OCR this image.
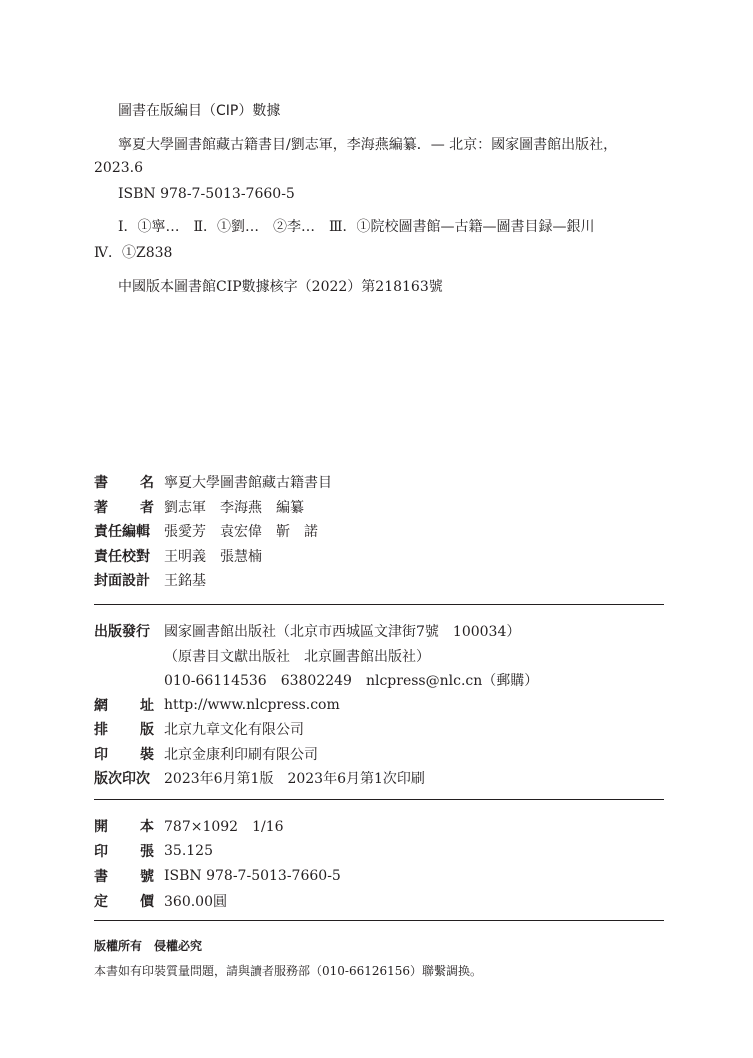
圖書在版編目（CIP）數據
寧夏大學圖書館藏古籍書目/劉志軍，李海燕編纂．— 北京：國家圖書館出版社，
2023.6
ISBN 978-7-5013-7660-5
Ⅰ．①寧…　Ⅱ．①劉…　②李…　Ⅲ．①院校圖書館—古籍—圖書目録—銀川
Ⅳ．①Z838
中國版本圖書館CIP數據核字（2022）第218163號
書 名 寧夏大學圖書館藏古籍書目
著 者 劉志軍　李海燕　編纂
責任編輯	張愛芳　袁宏偉　靳　諾
責任校對	王明義　張慧楠
封面設計	王銘基
出版發行	國家圖書館出版社（北京市西城區文津街7號　100034）
（原書目文獻出版社　北京圖書館出版社）
010-66114536　63802249　nlcpress@nlc.cn（郵購）
網 址 http://www.nlcpress.com
排 版 北京九章文化有限公司
印 裝 北京金康利印刷有限公司
版次印次	2023年6月第1版　2023年6月第1次印刷
開 本 787×1092　1/16
印 張 35.125
書 號 ISBN 978-7-5013-7660-5
定 價 360.00圓
版權所有　侵權必究
本書如有印裝質量問題，請與讀者服務部（010-66126156）聯繫調换。
